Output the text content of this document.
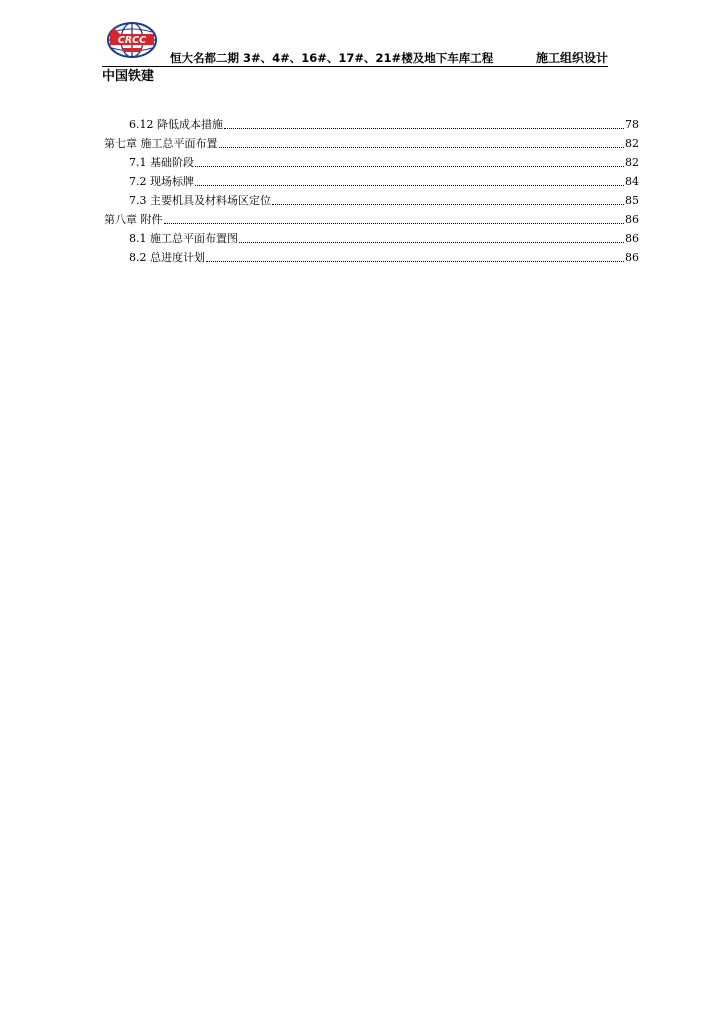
CRCC
中国铁建
恒大名都二期 3#、4#、16#、17#、21#楼及地下车库工程	施工组织设计
6.12 降低成本措施	78
第七章 施工总平面布置	82
7.1 基础阶段	82
7.2 现场标牌	84
7.3 主要机具及材料场区定位	85
第八章 附件	86
8.1 施工总平面布置图	86
8.2 总进度计划	86
